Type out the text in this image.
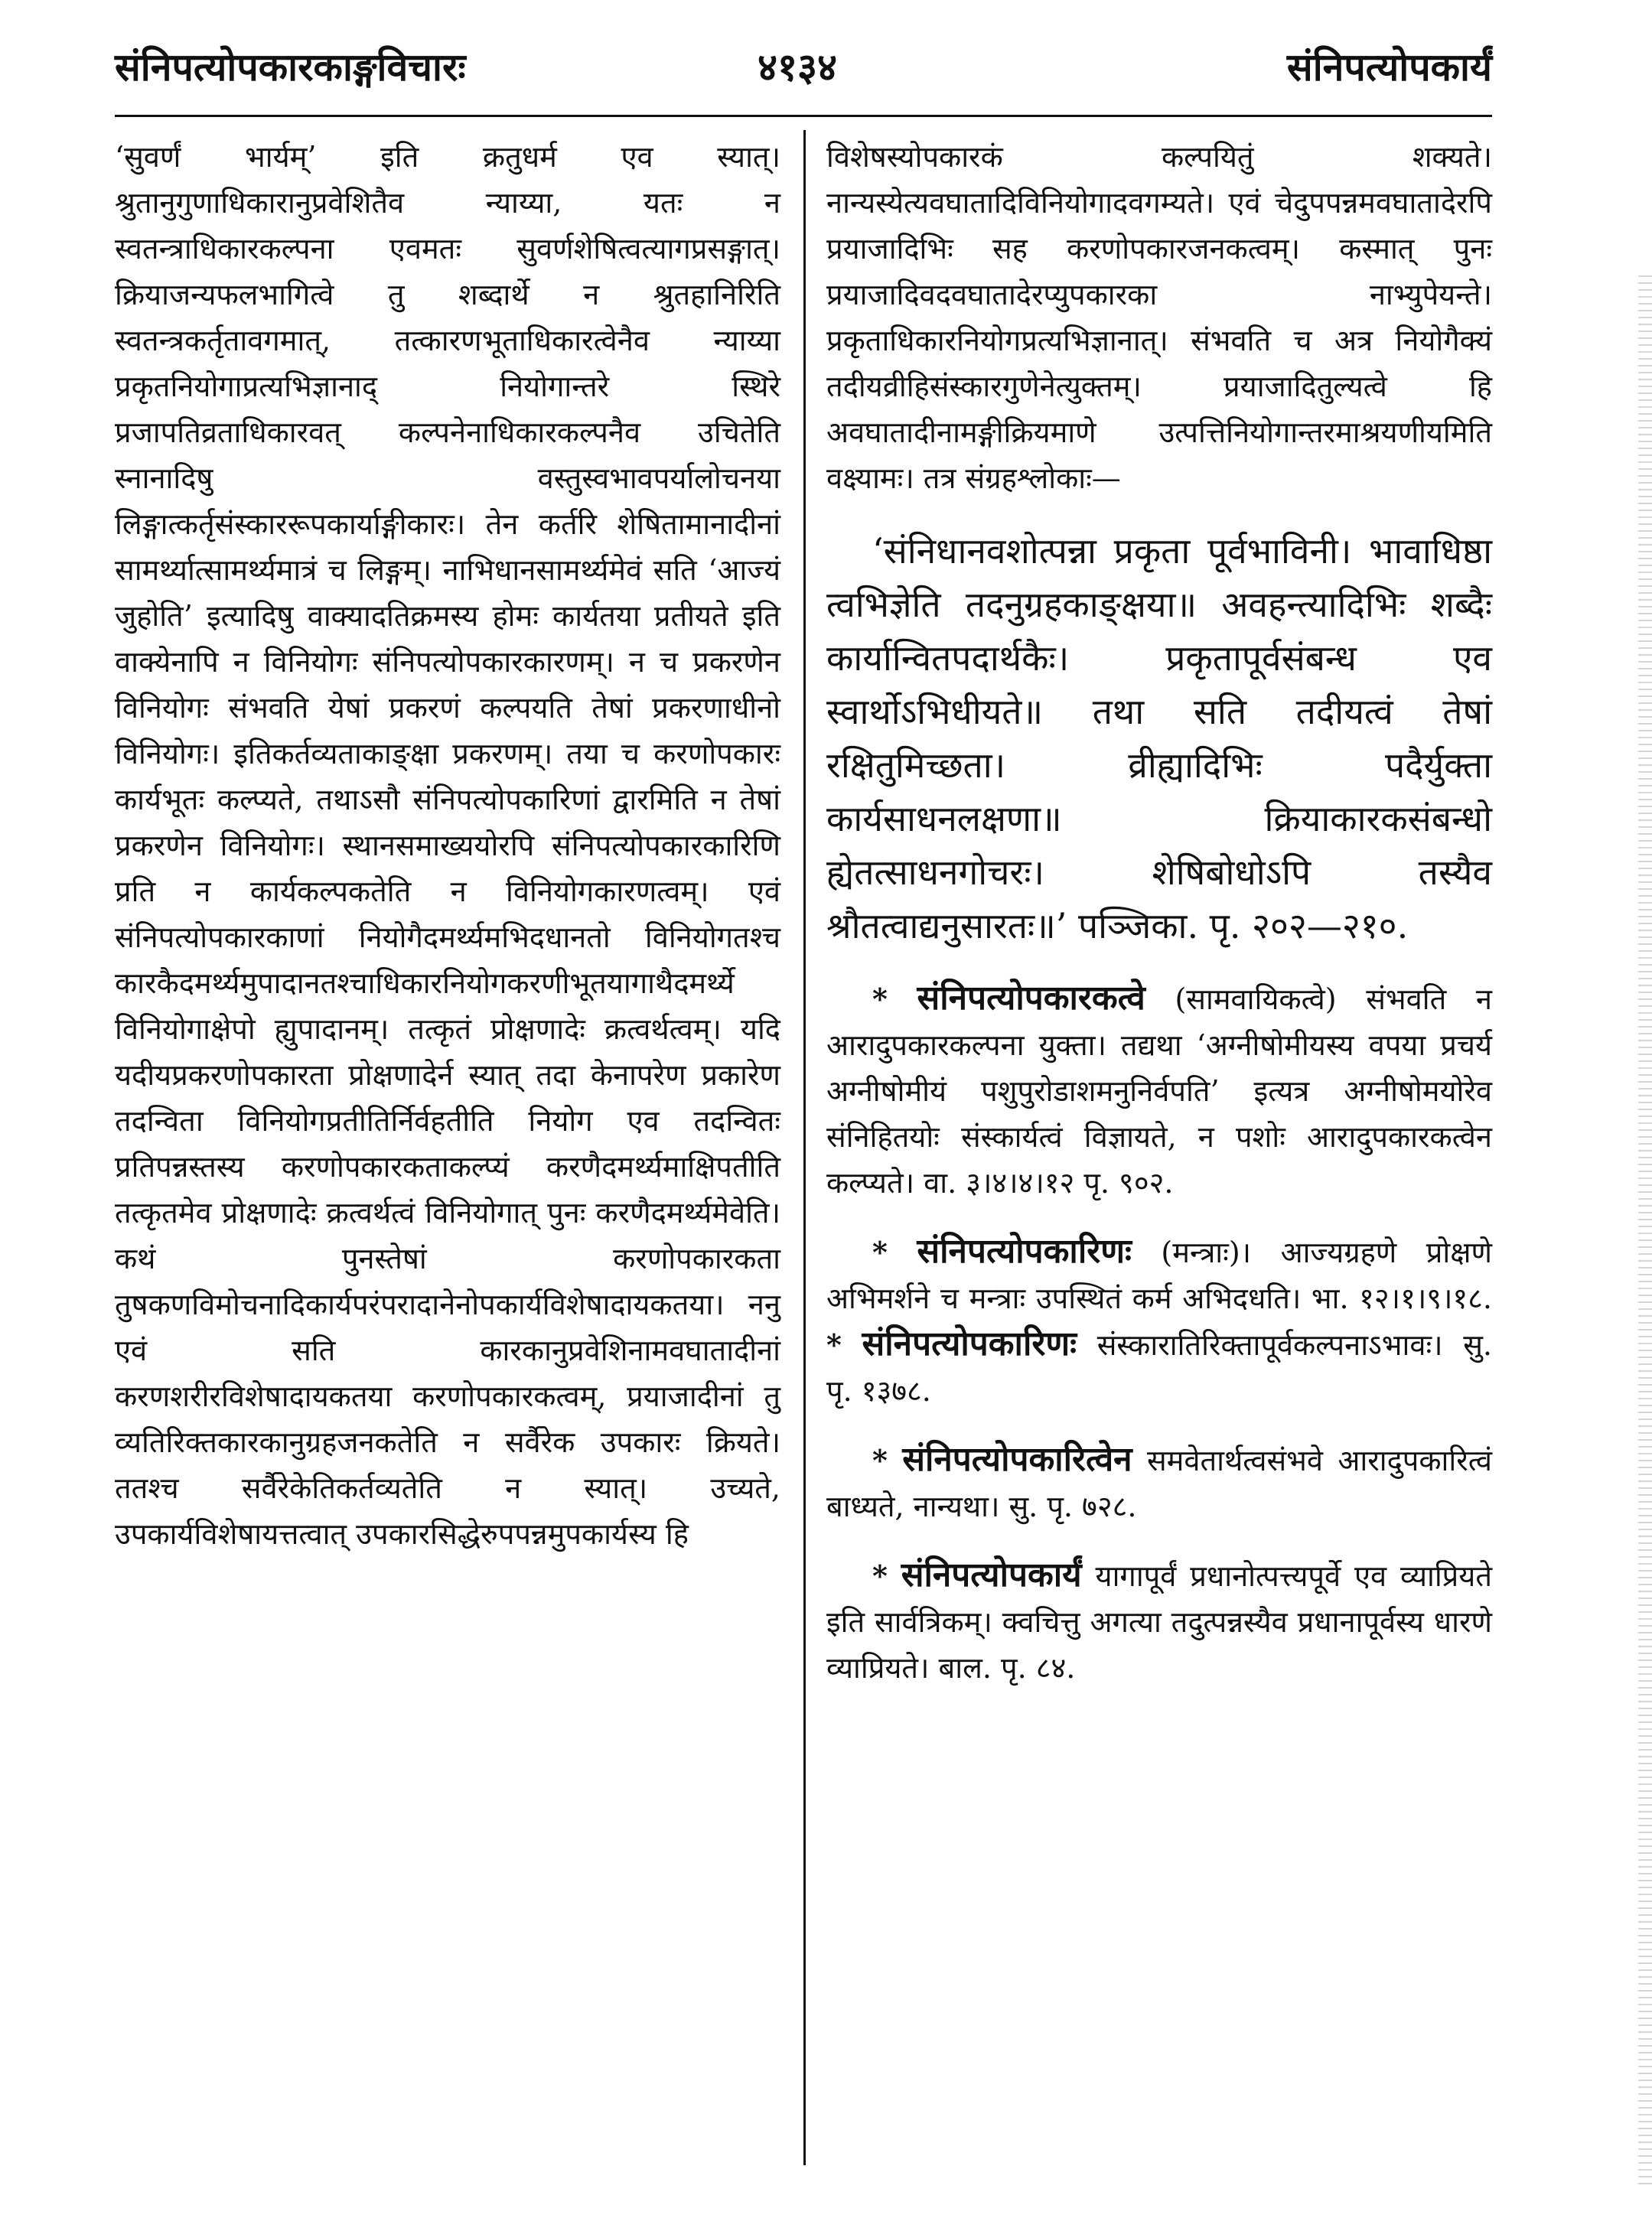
संनिपत्योपकारकाङ्गविचारः	४१३४	संनिपत्योपकार्यं

‘सुवर्णं भार्यम्’ इति क्रतुधर्म एव स्यात्। श्रुतानुगुणाधिकारानुप्रवेशितैव न्याय्या, यतः न स्वतन्त्राधिकारकल्पना एवमतः सुवर्णशेषित्वत्यागप्रसङ्गात्। क्रियाजन्यफलभागित्वे तु शब्दार्थे न श्रुतहानिरिति स्वतन्त्रकर्तृतावगमात्, तत्कारणभूताधिकारत्वेनैव न्याय्या प्रकृतनियोगाप्रत्यभिज्ञानाद् नियोगान्तरे स्थिरे प्रजापतिव्रताधिकारवत् कल्पनेनाधिकारकल्पनैव उचितेति स्नानादिषु वस्तुस्वभावपर्यालोचनया लिङ्गात्कर्तृसंस्काररूपकार्याङ्गीकारः। तेन कर्तरि शेषितामानादीनां सामर्थ्यात्सामर्थ्यमात्रं च लिङ्गम्। नाभिधानसामर्थ्यमेवं सति ‘आज्यं जुहोति’ इत्यादिषु वाक्यादतिक्रमस्य होमः कार्यतया प्रतीयते इति वाक्येनापि न विनियोगः संनिपत्योपकारकारणम्। न च प्रकरणेन विनियोगः संभवति येषां प्रकरणं कल्पयति तेषां प्रकरणाधीनो विनियोगः। इतिकर्तव्यताकाङ्क्षा प्रकरणम्। तया च करणोपकारः कार्यभूतः कल्प्यते, तथाऽसौ संनिपत्योपकारिणां द्वारमिति न तेषां प्रकरणेन विनियोगः। स्थानसमाख्ययोरपि संनिपत्योपकारकारिणि प्रति न कार्यकल्पकतेति न विनियोगकारणत्वम्। एवं संनिपत्योपकारकाणां नियोगैदमर्थ्यमभिदधानतो विनियोगतश्च कारकैदमर्थ्यमुपादानतश्चाधिकारनियोगकरणीभूतयागाथैदमर्थ्ये विनियोगाक्षेपो ह्युपादानम्। तत्कृतं प्रोक्षणादेः क्रत्वर्थत्वम्। यदि यदीयप्रकरणोपकारता प्रोक्षणादेर्न स्यात् तदा केनापरेण प्रकारेण तदन्विता विनियोगप्रतीतिर्निर्वहतीति नियोग एव तदन्वितः प्रतिपन्नस्तस्य करणोपकारकताकल्प्यं करणैदमर्थ्यमाक्षिपतीति तत्कृतमेव प्रोक्षणादेः क्रत्वर्थत्वं विनियोगात् पुनः करणैदमर्थ्यमेवेति। कथं पुनस्तेषां करणोपकारकता तुषकणविमोचनादिकार्यपरंपरादानेनोपकार्यविशेषादायकतया। ननु एवं सति कारकानुप्रवेशिनामवघातादीनां करणशरीरविशेषादायकतया करणोपकारकत्वम्, प्रयाजादीनां तु व्यतिरिक्तकारकानुग्रहजनकतेति न सर्वैरेक उपकारः क्रियते। ततश्च सर्वैरेकेतिकर्तव्यतेति न स्यात्। उच्यते, उपकार्यविशेषायत्तत्वात् उपकारसिद्धेरुपपन्नमुपकार्यस्य हि

विशेषस्योपकारकं कल्पयितुं शक्यते। नान्यस्येत्यवघातादिविनियोगादवगम्यते। एवं चेदुपपन्नमवघातादेरपि प्रयाजादिभिः सह करणोपकारजनकत्वम्। कस्मात् पुनः प्रयाजादिवदवघातादेरप्युपकारका नाभ्युपेयन्ते। प्रकृताधिकारनियोगप्रत्यभिज्ञानात्। संभवति च अत्र नियोगैक्यं तदीयव्रीहिसंस्कारगुणेनेत्युक्तम्। प्रयाजादितुल्यत्वे हि अवघातादीनामङ्गीक्रियमाणे उत्पत्तिनियोगान्तरमाश्रयणीयमिति वक्ष्यामः। तत्र संग्रहश्लोकाः—

‘संनिधानवशोत्पन्ना प्रकृता पूर्वभाविनी। भावाधिष्ठा त्वभिज्ञेति तदनुग्रहकाङ्क्षया॥ अवहन्त्यादिभिः शब्दैः कार्यान्वितपदार्थकैः। प्रकृतापूर्वसंबन्ध एव स्वार्थोऽभिधीयते॥ तथा सति तदीयत्वं तेषां रक्षितुमिच्छता। व्रीह्यादिभिः पदैर्युक्ता कार्यसाधनलक्षणा॥ क्रियाकारकसंबन्धो ह्येतत्साधनगोचरः। शेषिबोधोऽपि तस्यैव श्रौतत्वाद्यनुसारतः॥’ पञ्जिका. पृ. २०२—२१०.

* संनिपत्योपकारकत्वे (सामवायिकत्वे) संभवति न आरादुपकारकल्पना युक्ता। तद्यथा ‘अग्नीषोमीयस्य वपया प्रचर्य अग्नीषोमीयं पशुपुरोडाशमनुनिर्वपति’ इत्यत्र अग्नीषोमयोरेव संनिहितयोः संस्कार्यत्वं विज्ञायते, न पशोः आरादुपकारकत्वेन कल्प्यते। वा. ३।४।४।१२ पृ. ९०२.

* संनिपत्योपकारिणः (मन्त्राः)। आज्यग्रहणे प्रोक्षणे अभिमर्शने च मन्त्राः उपस्थितं कर्म अभिदधति। भा. १२।१।९।१८. * संनिपत्योपकारिणः संस्कारातिरिक्तापूर्वकल्पनाऽभावः। सु. पृ. १३७८.

* संनिपत्योपकारित्वेन समवेतार्थत्वसंभवे आरादुपकारित्वं बाध्यते, नान्यथा। सु. पृ. ७२८.

* संनिपत्योपकार्यं यागापूर्वं प्रधानोत्पत्त्यपूर्वे एव व्याप्रियते इति सार्वत्रिकम्। क्वचित्तु अगत्या तदुत्पन्नस्यैव प्रधानापूर्वस्य धारणे व्याप्रियते। बाल. पृ. ८४.
